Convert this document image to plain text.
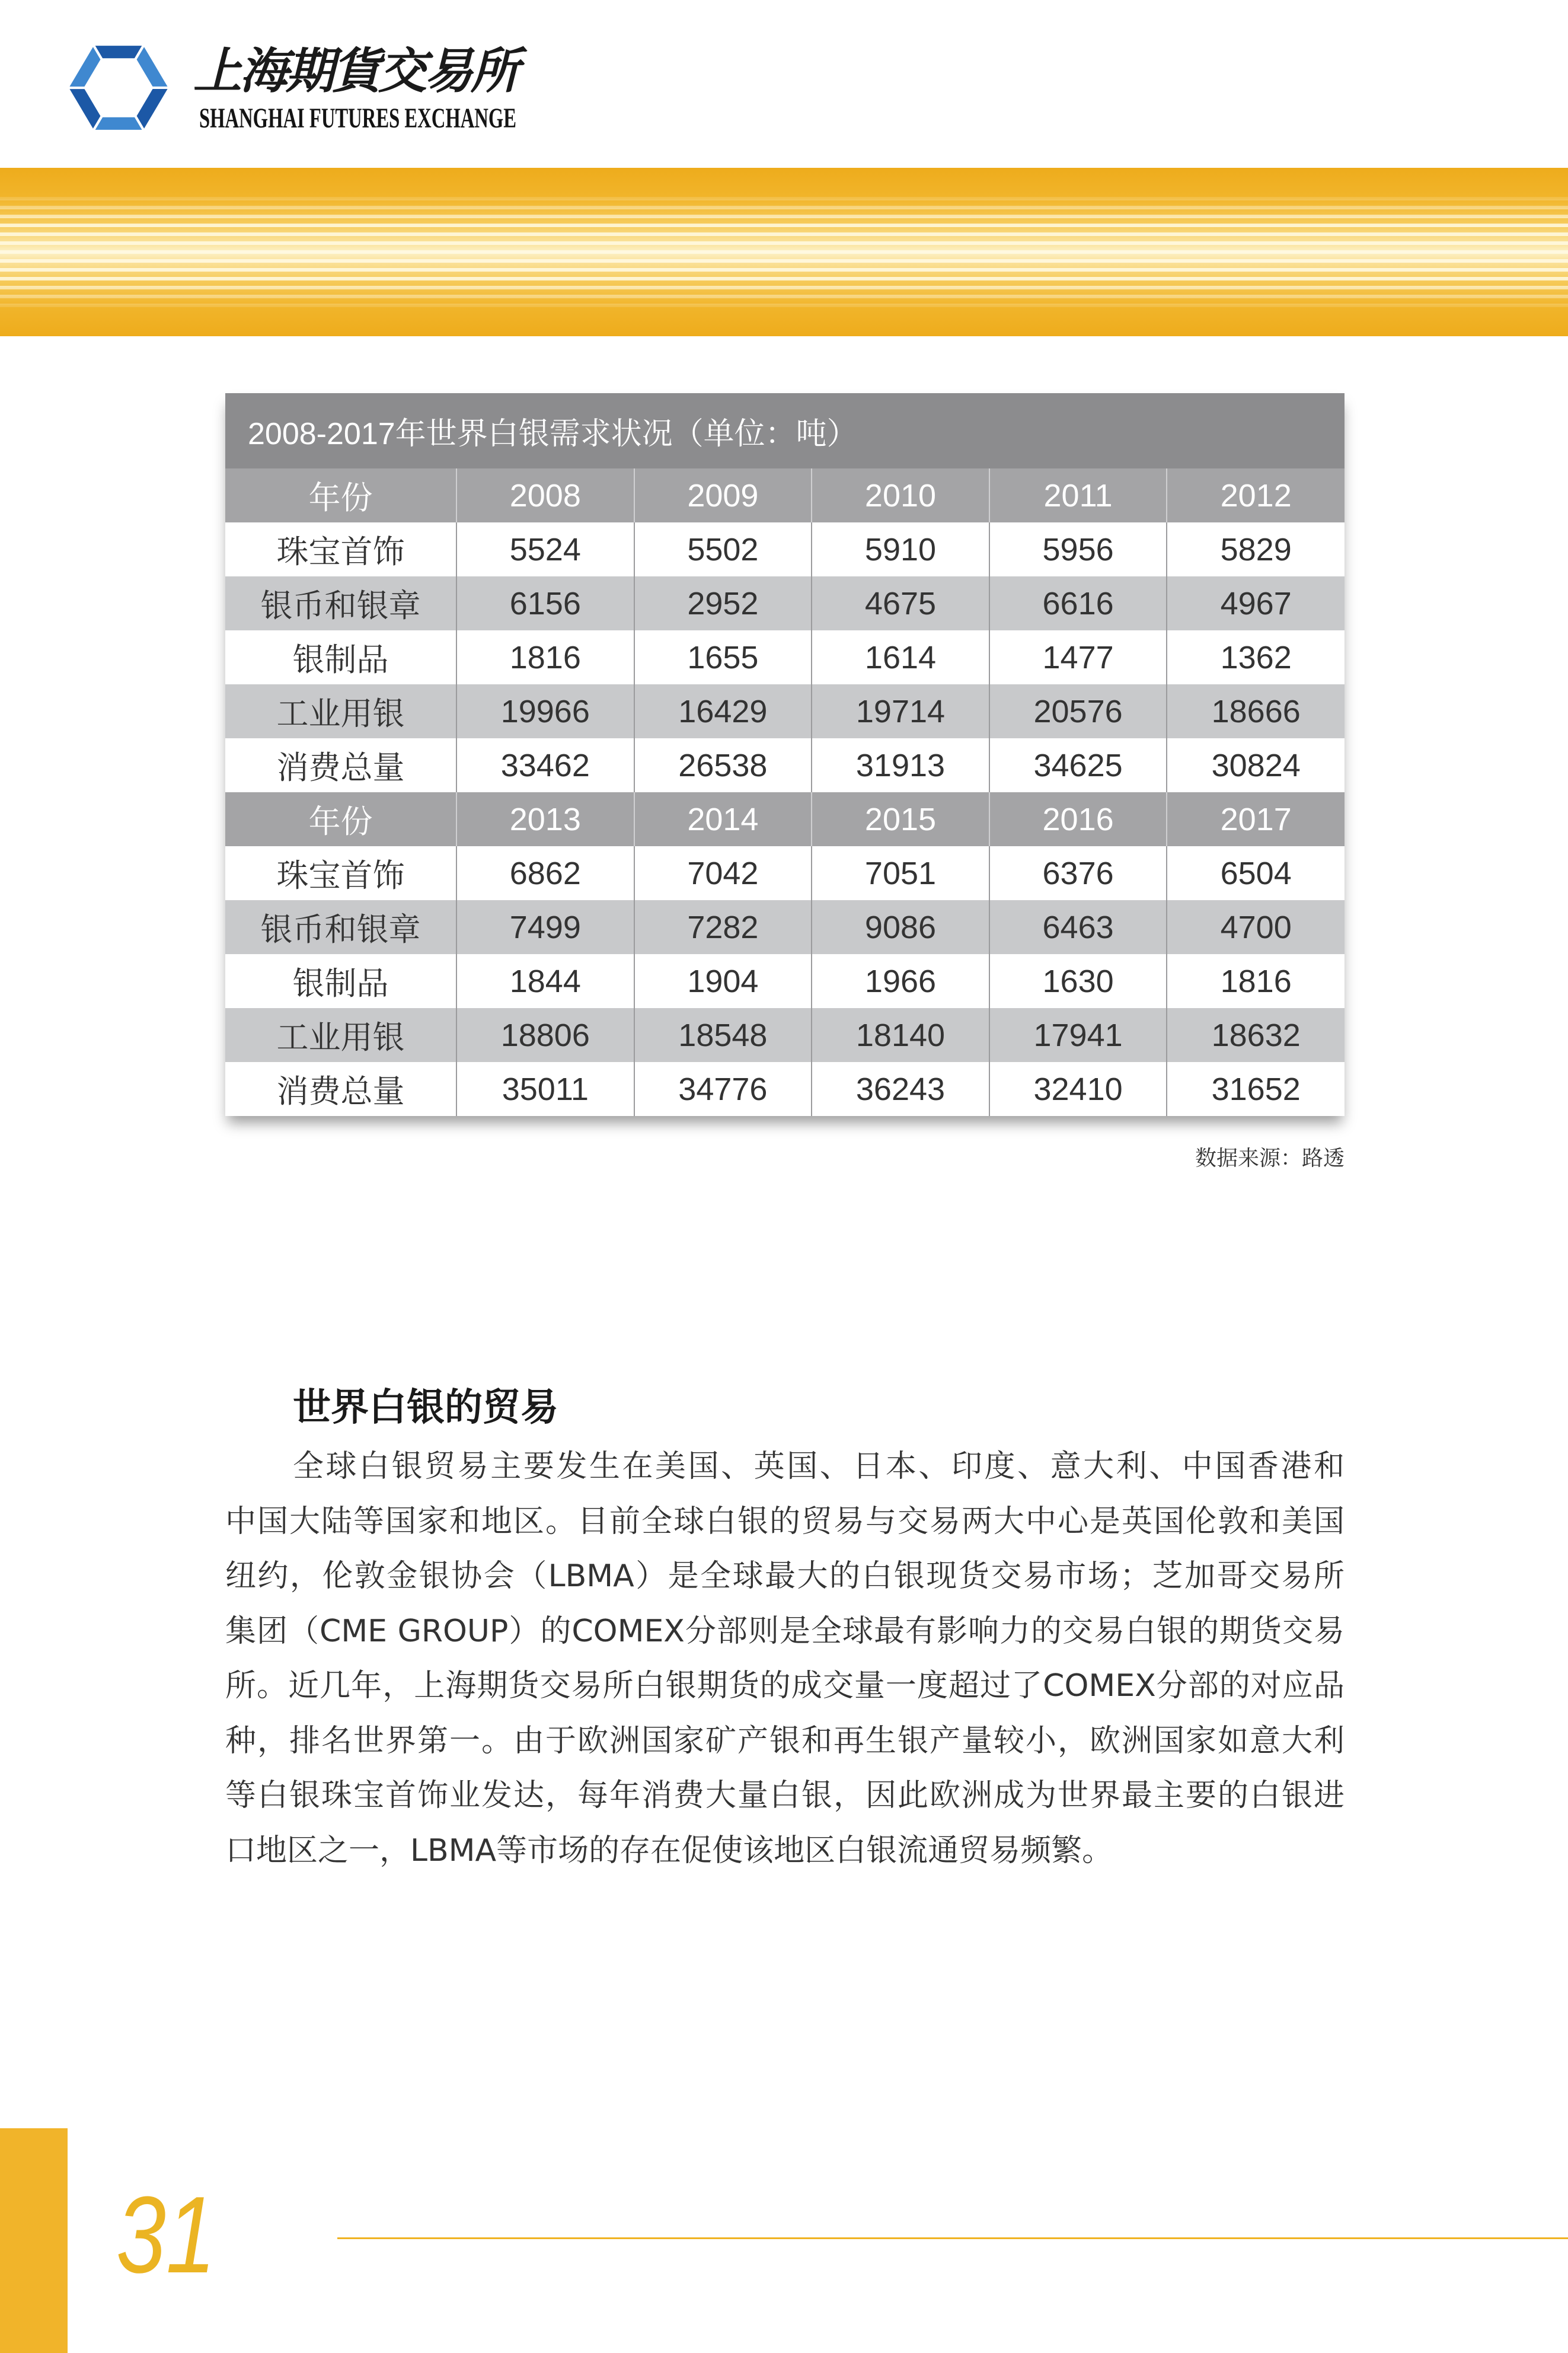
上海期貨交易所
SHANGHAI FUTURES EXCHANGE
2008-2017年世界白银需求状况（单位：吨）					
年份	2008	2009	2010	2011	2012
珠宝首饰	5524	5502	5910	5956	5829
银币和银章	6156	2952	4675	6616	4967
银制品	1816	1655	1614	1477	1362
工业用银	19966	16429	19714	20576	18666
消费总量	33462	26538	31913	34625	30824
年份	2013	2014	2015	2016	2017
珠宝首饰	6862	7042	7051	6376	6504
银币和银章	7499	7282	9086	6463	4700
银制品	1844	1904	1966	1630	1816
工业用银	18806	18548	18140	17941	18632
消费总量	35011	34776	36243	32410	31652
数据来源：路透
世界白银的贸易
全球白银贸易主要发生在美国、英国、日本、印度、意大利、中国香港和
中国大陆等国家和地区。目前全球白银的贸易与交易两大中心是英国伦敦和美国
纽约，伦敦金银协会（LBMA）是全球最大的白银现货交易市场；芝加哥交易所
集团（CME GROUP）的COMEX分部则是全球最有影响力的交易白银的期货交易
所。近几年，上海期货交易所白银期货的成交量一度超过了COMEX分部的对应品
种，排名世界第一。由于欧洲国家矿产银和再生银产量较小，欧洲国家如意大利
等白银珠宝首饰业发达，每年消费大量白银，因此欧洲成为世界最主要的白银进
口地区之一，LBMA等市场的存在促使该地区白银流通贸易频繁。
31
